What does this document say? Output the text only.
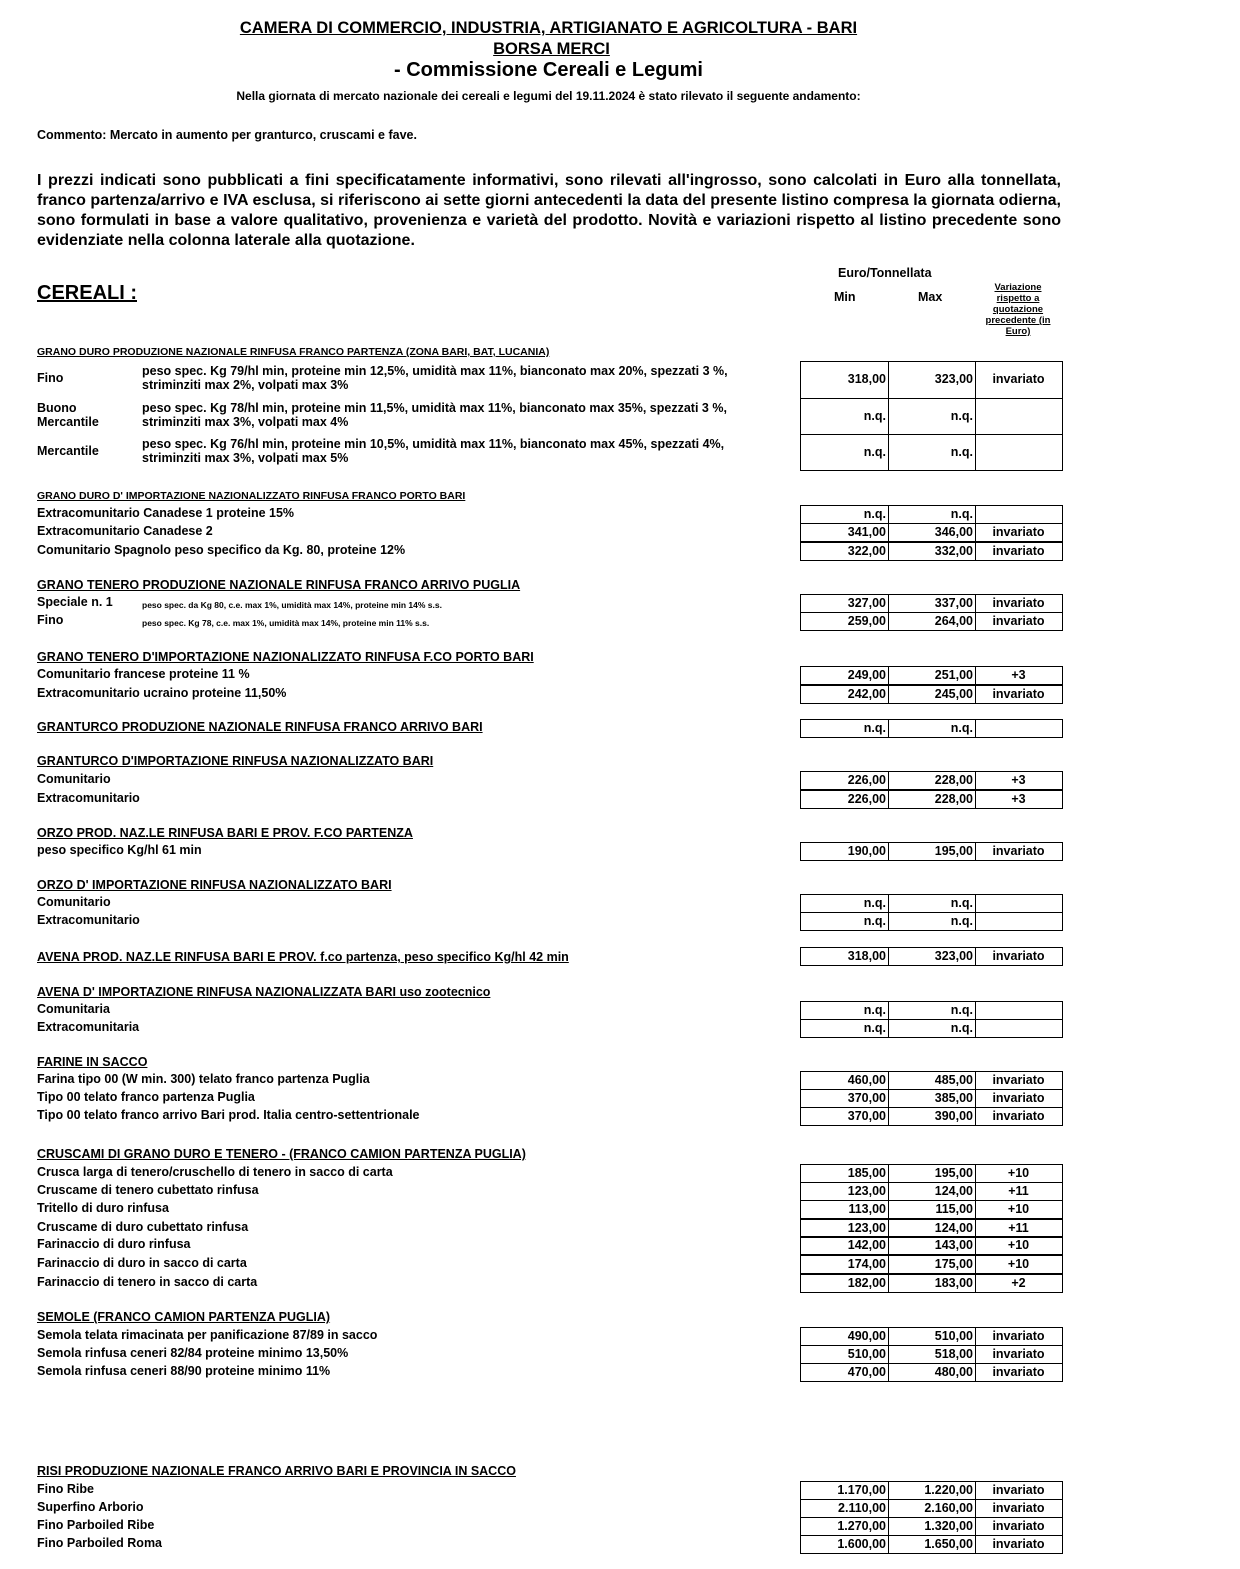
CAMERA DI COMMERCIO, INDUSTRIA, ARTIGIANATO E AGRICOLTURA - BARI
BORSA MERCI
- Commissione Cereali e Legumi
Nella giornata di mercato nazionale dei cereali e legumi del 19.11.2024 è stato rilevato il seguente andamento:
Commento: Mercato in aumento per granturco, cruscami e fave.
I prezzi indicati sono pubblicati a fini specificatamente informativi, sono rilevati all'ingrosso, sono calcolati in Euro alla tonnellata, franco partenza/arrivo e IVA esclusa, si riferiscono ai sette giorni antecedenti la data del presente listino compresa la giornata odierna, sono formulati in base a valore qualitativo, provenienza e varietà del prodotto. Novità e variazioni rispetto al listino precedente sono evidenziate nella colonna laterale alla quotazione.
Euro/Tonnellata
Min	Max
Variazione rispetto a quotazione precedente (in Euro)
CEREALI :
GRANO DURO PRODUZIONE NAZIONALE RINFUSA FRANCO PARTENZA (ZONA BARI, BAT, LUCANIA)
Fino	peso spec. Kg 79/hl min, proteine min 12,5%, umidità max 11%, bianconato max 20%, spezzati 3 %,
striminziti max 2%, volpati max 3%	318,00	323,00	invariato
Buono Mercantile
peso spec. Kg 78/hl min, proteine min 11,5%, umidità max 11%, bianconato max 35%, spezzati 3 %,
striminziti max 3%, volpati max 4%	n.q.	n.q.
Mercantile	peso spec. Kg 76/hl min, proteine min 10,5%, umidità max 11%, bianconato max 45%, spezzati 4%,
striminziti max 3%, volpati max 5%	n.q.	n.q.
GRANO DURO D' IMPORTAZIONE NAZIONALIZZATO RINFUSA FRANCO PORTO BARI
Extracomunitario Canadese 1 proteine 15%	n.q.	n.q.
Extracomunitario Canadese 2	341,00	346,00	invariato
Comunitario Spagnolo peso specifico da Kg. 80, proteine 12%	322,00	332,00	invariato
GRANO TENERO PRODUZIONE NAZIONALE RINFUSA FRANCO ARRIVO PUGLIA
Speciale n. 1	peso spec. da Kg 80, c.e. max 1%, umidità max 14%, proteine min 14% s.s.	327,00	337,00	invariato
Fino	peso spec. Kg 78, c.e. max 1%, umidità max 14%, proteine min 11% s.s.	259,00	264,00	invariato
GRANO TENERO D'IMPORTAZIONE NAZIONALIZZATO RINFUSA F.CO PORTO BARI
Comunitario francese proteine 11 %	249,00	251,00	+3
Extracomunitario ucraino proteine 11,50%	242,00	245,00	invariato
GRANTURCO PRODUZIONE NAZIONALE RINFUSA FRANCO ARRIVO BARI	n.q.	n.q.
GRANTURCO D'IMPORTAZIONE RINFUSA NAZIONALIZZATO BARI
Comunitario	226,00	228,00	+3
Extracomunitario	226,00	228,00	+3
ORZO PROD. NAZ.LE RINFUSA BARI E PROV. F.CO PARTENZA
peso specifico Kg/hl 61 min	190,00	195,00	invariato
ORZO D' IMPORTAZIONE RINFUSA NAZIONALIZZATO BARI
Comunitario	n.q.	n.q.
Extracomunitario	n.q.	n.q.
AVENA PROD. NAZ.LE RINFUSA BARI E PROV. f.co partenza, peso specifico Kg/hl 42 min	318,00	323,00	invariato
AVENA D' IMPORTAZIONE RINFUSA NAZIONALIZZATA BARI uso zootecnico
Comunitaria	n.q.	n.q.
Extracomunitaria	n.q.	n.q.
FARINE IN SACCO
Farina tipo 00 (W min. 300) telato franco partenza Puglia	460,00	485,00	invariato
Tipo 00 telato franco partenza Puglia	370,00	385,00	invariato
Tipo 00 telato franco arrivo Bari prod. Italia centro-settentrionale	370,00	390,00	invariato
CRUSCAMI DI GRANO DURO E TENERO - (FRANCO CAMION PARTENZA PUGLIA)
Crusca larga di tenero/cruschello di tenero in sacco di carta	185,00	195,00	+10
Cruscame di tenero cubettato rinfusa	123,00	124,00	+11
Tritello di duro rinfusa	113,00	115,00	+10
Cruscame di duro cubettato rinfusa	123,00	124,00	+11
Farinaccio di duro rinfusa	142,00	143,00	+10
Farinaccio di duro in sacco di carta	174,00	175,00	+10
Farinaccio di tenero in sacco di carta	182,00	183,00	+2
SEMOLE (FRANCO CAMION PARTENZA PUGLIA)
Semola telata rimacinata per panificazione 87/89 in sacco	490,00	510,00	invariato
Semola rinfusa ceneri 82/84 proteine minimo 13,50%	510,00	518,00	invariato
Semola rinfusa ceneri 88/90 proteine minimo 11%	470,00	480,00	invariato
RISI PRODUZIONE NAZIONALE FRANCO ARRIVO BARI E PROVINCIA IN SACCO
Fino Ribe	1.170,00	1.220,00	invariato
Superfino Arborio	2.110,00	2.160,00	invariato
Fino Parboiled Ribe	1.270,00	1.320,00	invariato
Fino Parboiled Roma	1.600,00	1.650,00	invariato
